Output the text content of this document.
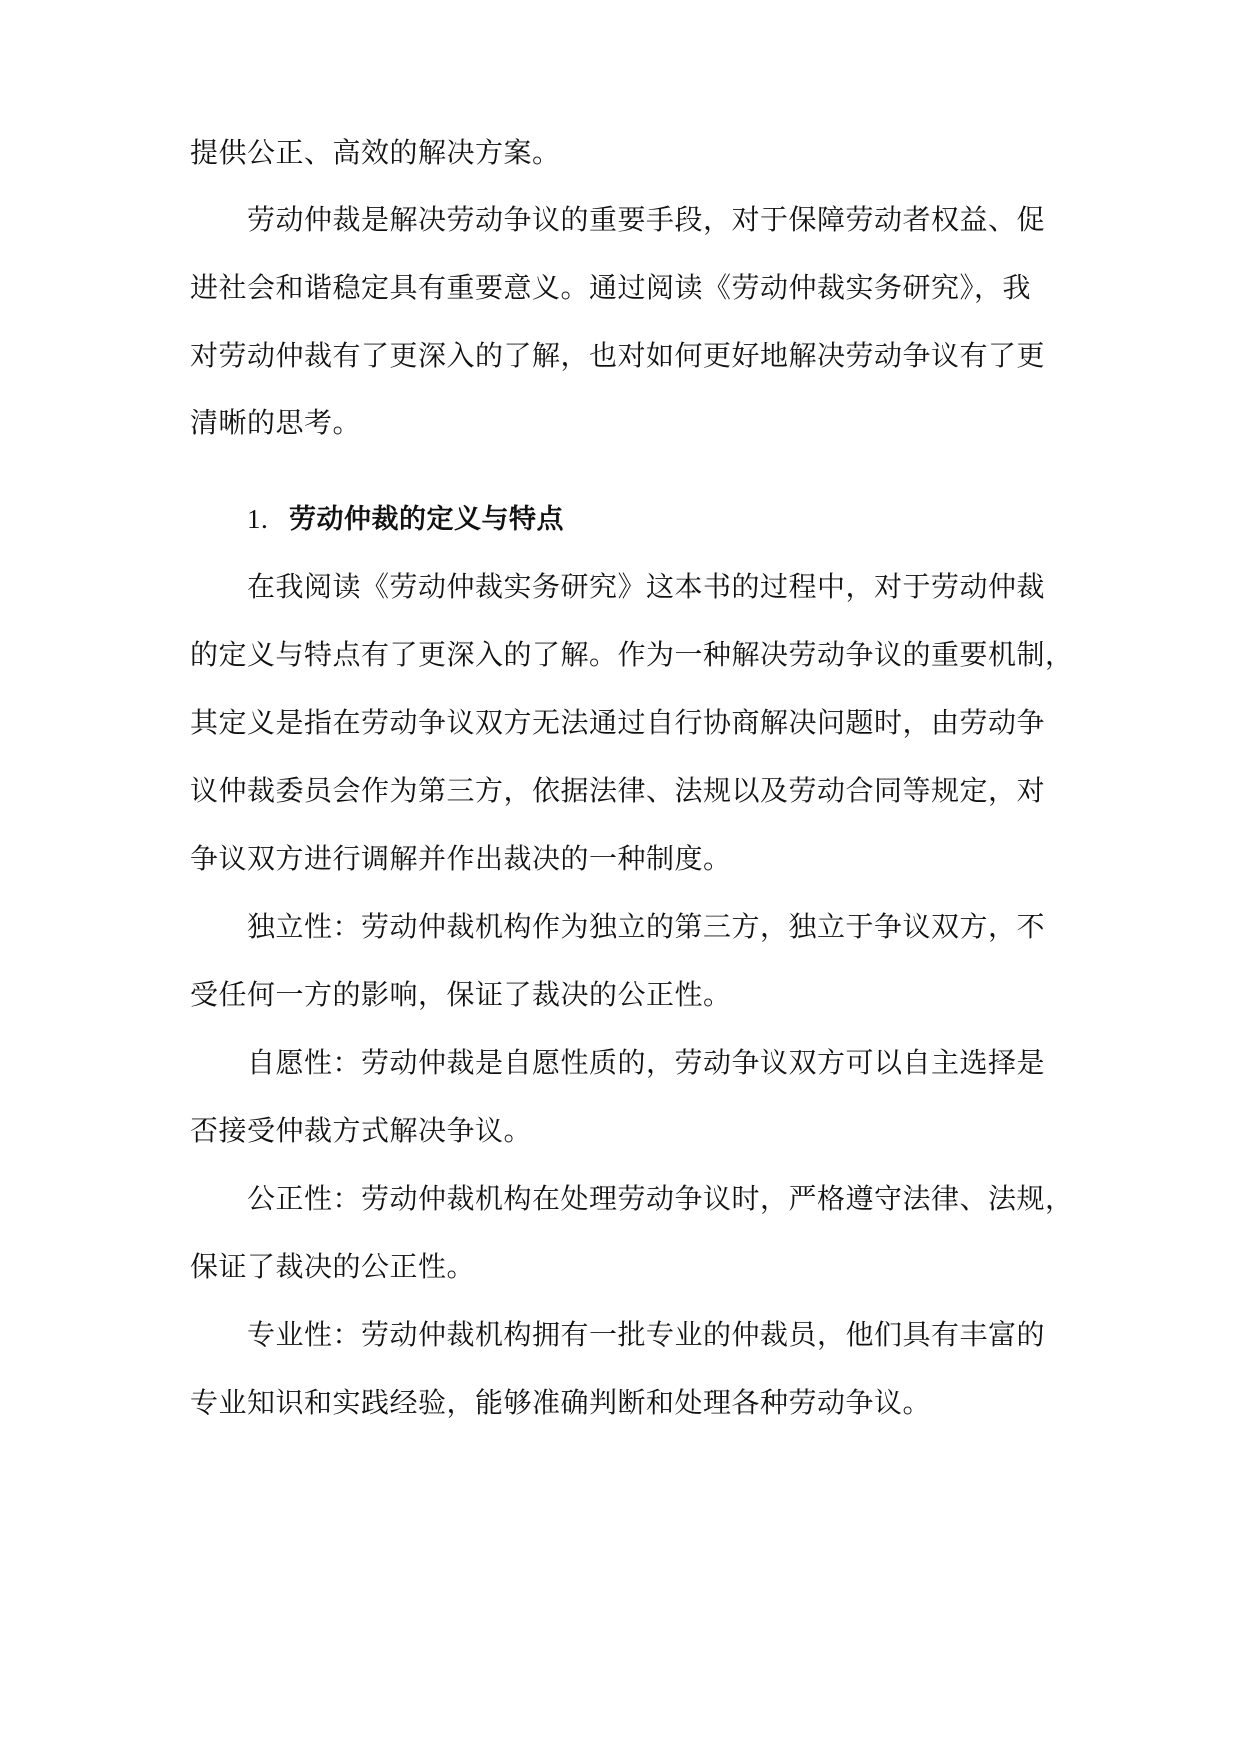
提供公正、高效的解决方案。
劳动仲裁是解决劳动争议的重要手段，对于保障劳动者权益、促
进社会和谐稳定具有重要意义。通过阅读《劳动仲裁实务研究》，我
对劳动仲裁有了更深入的了解，也对如何更好地解决劳动争议有了更
清晰的思考。
1. 劳动仲裁的定义与特点
在我阅读《劳动仲裁实务研究》这本书的过程中，对于劳动仲裁
的定义与特点有了更深入的了解。作为一种解决劳动争议的重要机制，
其定义是指在劳动争议双方无法通过自行协商解决问题时，由劳动争
议仲裁委员会作为第三方，依据法律、法规以及劳动合同等规定，对
争议双方进行调解并作出裁决的一种制度。
独立性：劳动仲裁机构作为独立的第三方，独立于争议双方，不
受任何一方的影响，保证了裁决的公正性。
自愿性：劳动仲裁是自愿性质的，劳动争议双方可以自主选择是
否接受仲裁方式解决争议。
公正性：劳动仲裁机构在处理劳动争议时，严格遵守法律、法规，
保证了裁决的公正性。
专业性：劳动仲裁机构拥有一批专业的仲裁员，他们具有丰富的
专业知识和实践经验，能够准确判断和处理各种劳动争议。
